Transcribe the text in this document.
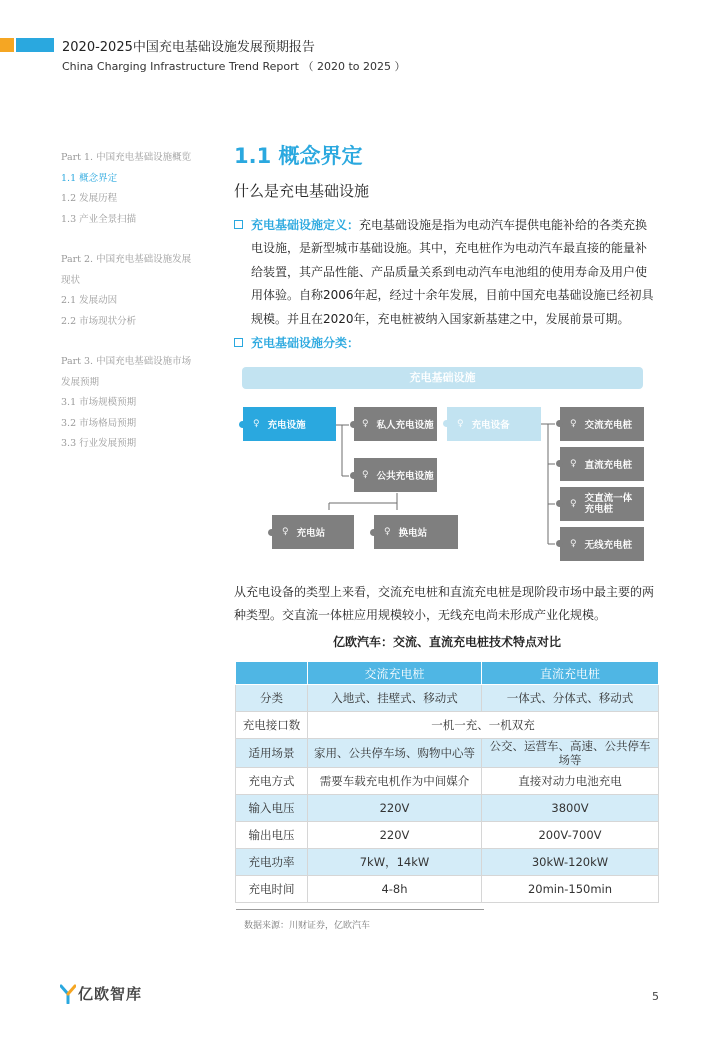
2020-2025中国充电基础设施发展预期报告
China Charging Infrastructure Trend Report （ 2020 to 2025 ）
Part 1. 中国充电基础设施概览
1.1 概念界定
1.2 发展历程
1.3 产业全景扫描
Part 2. 中国充电基础设施发展
现状
2.1 发展动因
2.2 市场现状分析
Part 3. 中国充电基础设施市场
发展预期
3.1 市场规模预期
3.2 市场格局预期
3.3 行业发展预期
1.1 概念界定
什么是充电基础设施
充电基础设施定义：充电基础设施是指为电动汽车提供电能补给的各类充换
电设施，是新型城市基础设施。其中，充电桩作为电动汽车最直接的能量补
给装置，其产品性能、产品质量关系到电动汽车电池组的使用寿命及用户使
用体验。自称2006年起，经过十余年发展，目前中国充电基础设施已经初具
规模。并且在2020年，充电桩被纳入国家新基建之中，发展前景可期。
充电基础设施分类：
充电基础设施
♀ 充电设施	♀ 私人充电设施
♀ 公共充电设施
♀ 充电站	♀ 换电站
♀ 充电设备	♀ 交流充电桩
♀ 直流充电桩
♀ 交直流一体
充电桩
♀ 无线充电桩
从充电设备的类型上来看，交流充电桩和直流充电桩是现阶段市场中最主要的两
种类型。交直流一体桩应用规模较小，无线充电尚未形成产业化规模。
亿欧汽车：交流、直流充电桩技术特点对比
	交流充电桩	直流充电桩
分类	入地式、挂壁式、移动式	一体式、分体式、移动式
充电接口数	一机一充、一机双充	
适用场景	家用、公共停车场、购物中心等	公交、运营车、高速、公共停车
场等
充电方式	需要车载充电机作为中间媒介	直接对动力电池充电
输入电压	220V	3800V
输出电压	220V	200V-700V
充电功率	7kW，14kW	30kW-120kW
充电时间	4-8h	20min-150min
数据来源：川财证券，亿欧汽车
亿欧智库	5
